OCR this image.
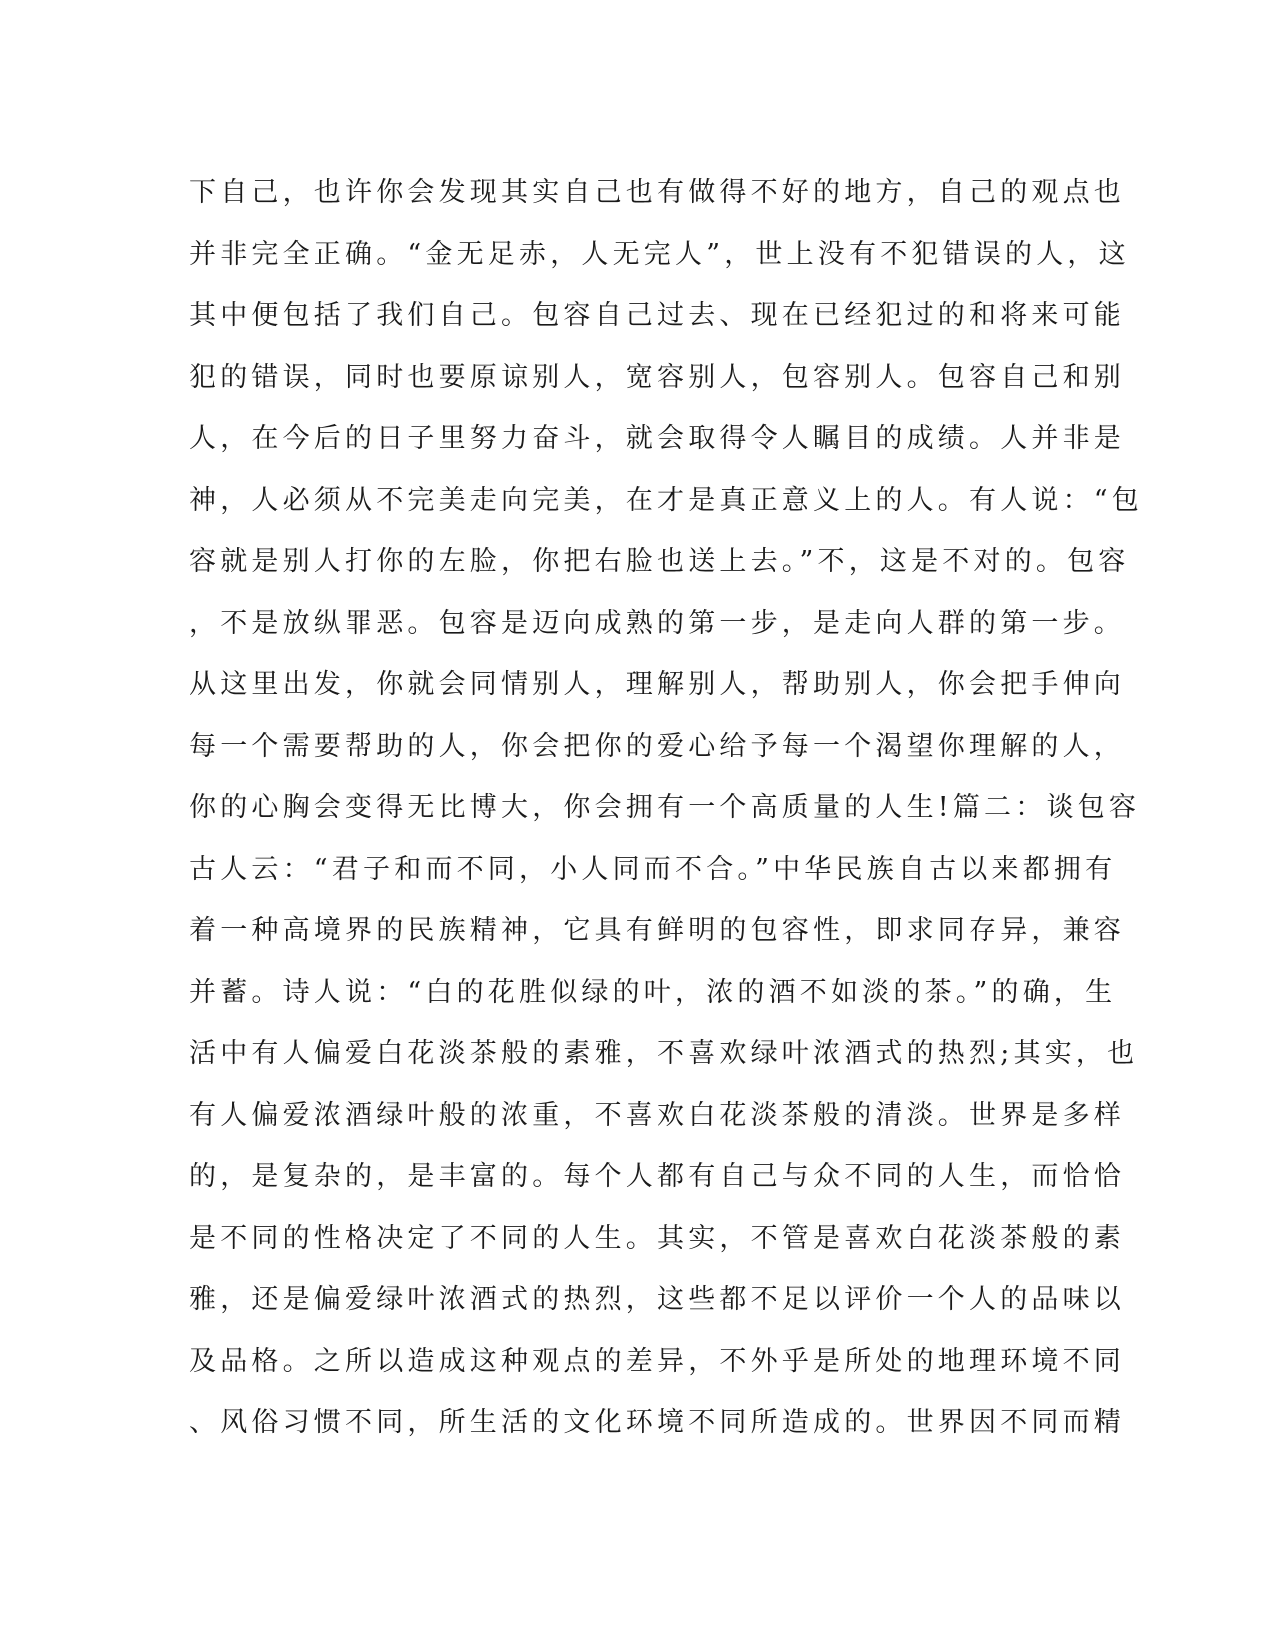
下自己，也许你会发现其实自己也有做得不好的地方，自己的观点也
并非完全正确。“金无足赤，人无完人”，世上没有不犯错误的人，这
其中便包括了我们自己。包容自己过去、现在已经犯过的和将来可能
犯的错误，同时也要原谅别人，宽容别人，包容别人。包容自己和别
人，在今后的日子里努力奋斗，就会取得令人瞩目的成绩。人并非是
神，人必须从不完美走向完美，在才是真正意义上的人。有人说：“包
容就是别人打你的左脸，你把右脸也送上去。”不，这是不对的。包容
，不是放纵罪恶。包容是迈向成熟的第一步，是走向人群的第一步。
从这里出发，你就会同情别人，理解别人，帮助别人，你会把手伸向
每一个需要帮助的人，你会把你的爱心给予每一个渴望你理解的人，
你的心胸会变得无比博大，你会拥有一个高质量的人生!篇二：谈包容
古人云：“君子和而不同，小人同而不合。”中华民族自古以来都拥有
着一种高境界的民族精神，它具有鲜明的包容性，即求同存异，兼容
并蓄。诗人说：“白的花胜似绿的叶，浓的酒不如淡的茶。”的确，生
活中有人偏爱白花淡茶般的素雅，不喜欢绿叶浓酒式的热烈;其实，也
有人偏爱浓酒绿叶般的浓重，不喜欢白花淡茶般的清淡。世界是多样
的，是复杂的，是丰富的。每个人都有自己与众不同的人生，而恰恰
是不同的性格决定了不同的人生。其实，不管是喜欢白花淡茶般的素
雅，还是偏爱绿叶浓酒式的热烈，这些都不足以评价一个人的品味以
及品格。之所以造成这种观点的差异，不外乎是所处的地理环境不同
、风俗习惯不同，所生活的文化环境不同所造成的。世界因不同而精
